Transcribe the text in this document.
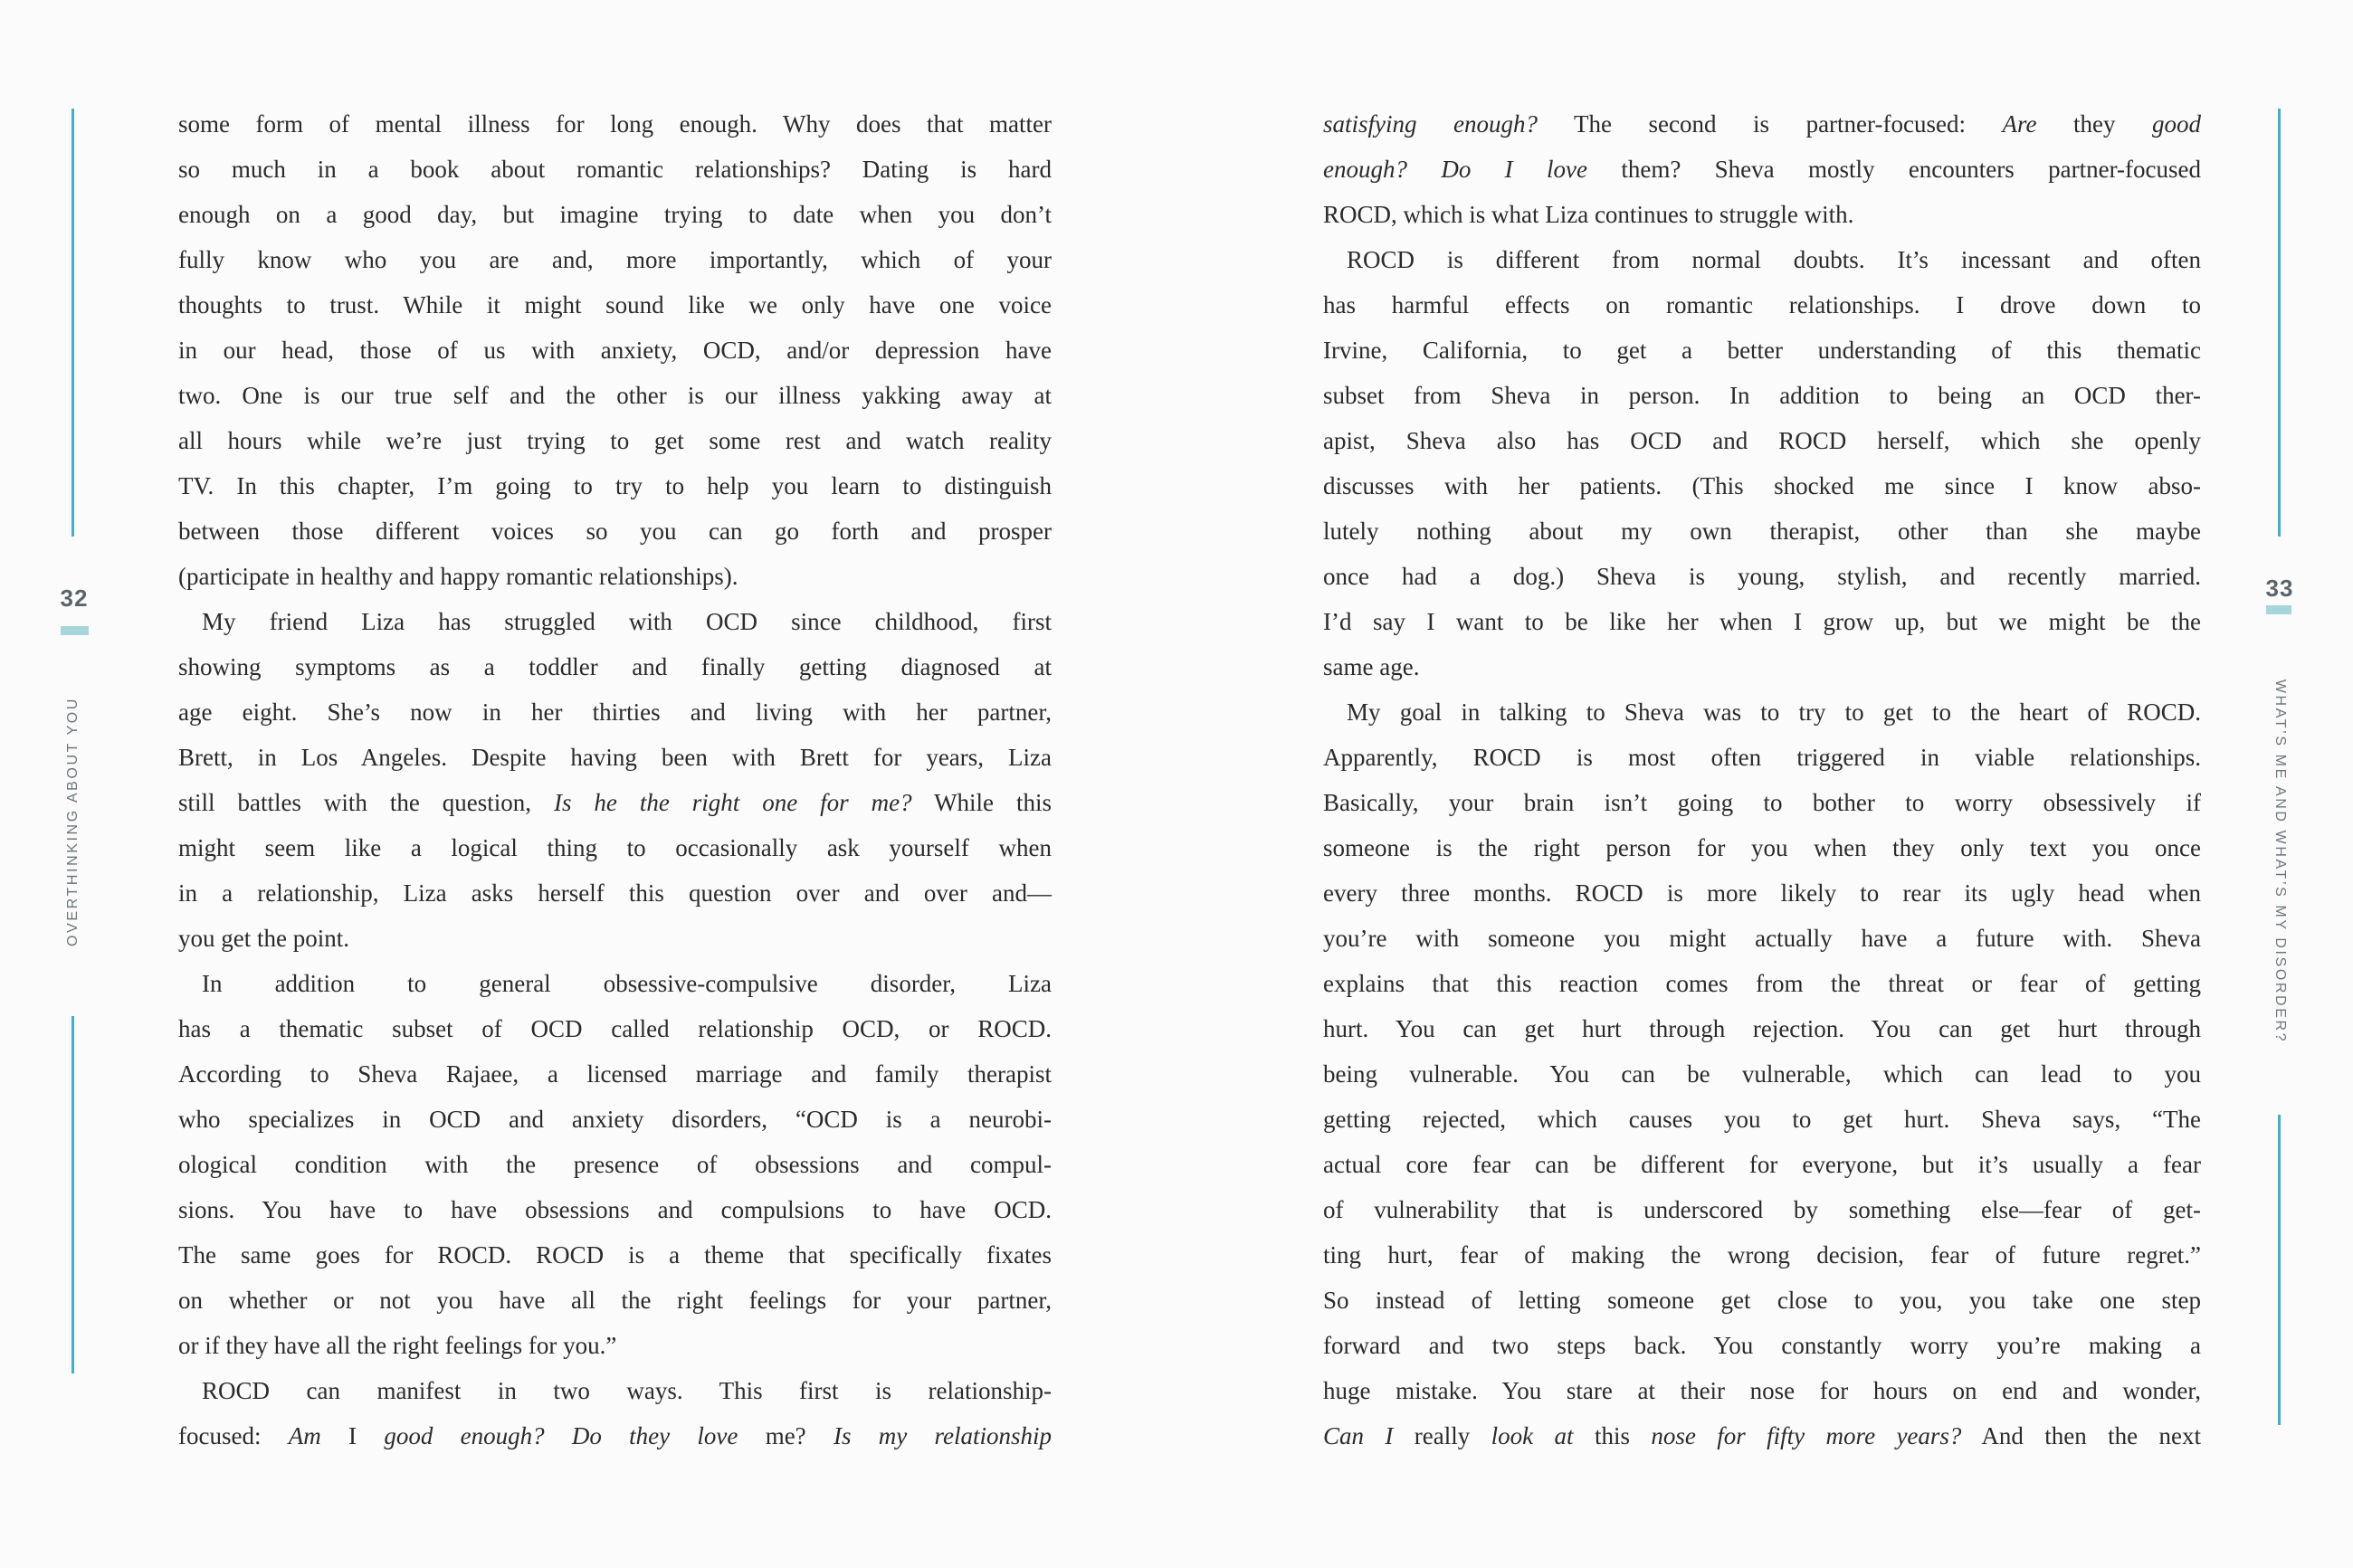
32
OVERTHINKING ABOUT YOU
some form of mental illness for long enough. Why does that matter
so much in a book about romantic relationships? Dating is hard
enough on a good day, but imagine trying to date when you don’t
fully know who you are and, more importantly, which of your
thoughts to trust. While it might sound like we only have one voice
in our head, those of us with anxiety, OCD, and/or depression have
two. One is our true self and the other is our illness yakking away at
all hours while we’re just trying to get some rest and watch reality
TV. In this chapter, I’m going to try to help you learn to distinguish
between those different voices so you can go forth and prosper
(participate in healthy and happy romantic relationships).
My friend Liza has struggled with OCD since childhood, first
showing symptoms as a toddler and finally getting diagnosed at
age eight. She’s now in her thirties and living with her partner,
Brett, in Los Angeles. Despite having been with Brett for years, Liza
still battles with the question, Is he the right one for me? While this
might seem like a logical thing to occasionally ask yourself when
in a relationship, Liza asks herself this question over and over and—
you get the point.
In addition to general obsessive-compulsive disorder, Liza
has a thematic subset of OCD called relationship OCD, or ROCD.
According to Sheva Rajaee, a licensed marriage and family therapist
who specializes in OCD and anxiety disorders, “OCD is a neurobi-
ological condition with the presence of obsessions and compul-
sions. You have to have obsessions and compulsions to have OCD.
The same goes for ROCD. ROCD is a theme that specifically fixates
on whether or not you have all the right feelings for your partner,
or if they have all the right feelings for you.”
ROCD can manifest in two ways. This first is relationship-
focused: Am I good enough? Do they love me? Is my relationship
33
WHAT’S ME AND WHAT’S MY DISORDER?
satisfying enough? The second is partner-focused: Are they good
enough? Do I love them? Sheva mostly encounters partner-focused
ROCD, which is what Liza continues to struggle with.
ROCD is different from normal doubts. It’s incessant and often
has harmful effects on romantic relationships. I drove down to
Irvine, California, to get a better understanding of this thematic
subset from Sheva in person. In addition to being an OCD ther-
apist, Sheva also has OCD and ROCD herself, which she openly
discusses with her patients. (This shocked me since I know abso-
lutely nothing about my own therapist, other than she maybe
once had a dog.) Sheva is young, stylish, and recently married.
I’d say I want to be like her when I grow up, but we might be the
same age.
My goal in talking to Sheva was to try to get to the heart of ROCD.
Apparently, ROCD is most often triggered in viable relationships.
Basically, your brain isn’t going to bother to worry obsessively if
someone is the right person for you when they only text you once
every three months. ROCD is more likely to rear its ugly head when
you’re with someone you might actually have a future with. Sheva
explains that this reaction comes from the threat or fear of getting
hurt. You can get hurt through rejection. You can get hurt through
being vulnerable. You can be vulnerable, which can lead to you
getting rejected, which causes you to get hurt. Sheva says, “The
actual core fear can be different for everyone, but it’s usually a fear
of vulnerability that is underscored by something else—fear of get-
ting hurt, fear of making the wrong decision, fear of future regret.”
So instead of letting someone get close to you, you take one step
forward and two steps back. You constantly worry you’re making a
huge mistake. You stare at their nose for hours on end and wonder,
Can I really look at this nose for fifty more years? And then the next
